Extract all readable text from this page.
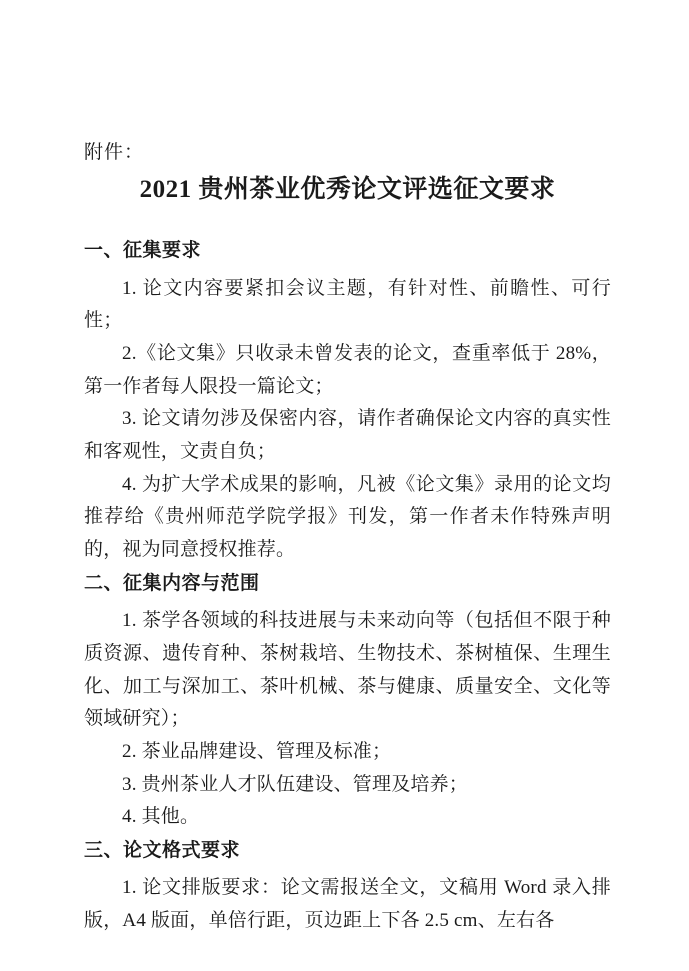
附件：
2021 贵州茶业优秀论文评选征文要求
一、征集要求

1. 论文内容要紧扣会议主题，有针对性、前瞻性、可行性；

2.《论文集》只收录未曾发表的论文，查重率低于 28%，第一作者每人限投一篇论文；

3. 论文请勿涉及保密内容，请作者确保论文内容的真实性和客观性，文责自负；

4. 为扩大学术成果的影响，凡被《论文集》录用的论文均推荐给《贵州师范学院学报》刊发，第一作者未作特殊声明的，视为同意授权推荐。

二、征集内容与范围

1. 茶学各领域的科技进展与未来动向等（包括但不限于种质资源、遗传育种、茶树栽培、生物技术、茶树植保、生理生化、加工与深加工、茶叶机械、茶与健康、质量安全、文化等领域研究）；

2. 茶业品牌建设、管理及标准；

3. 贵州茶业人才队伍建设、管理及培养；

4. 其他。

三、论文格式要求

1. 论文排版要求：论文需报送全文，文稿用 Word 录入排版，A4 版面，单倍行距，页边距上下各 2.5 cm、左右各
